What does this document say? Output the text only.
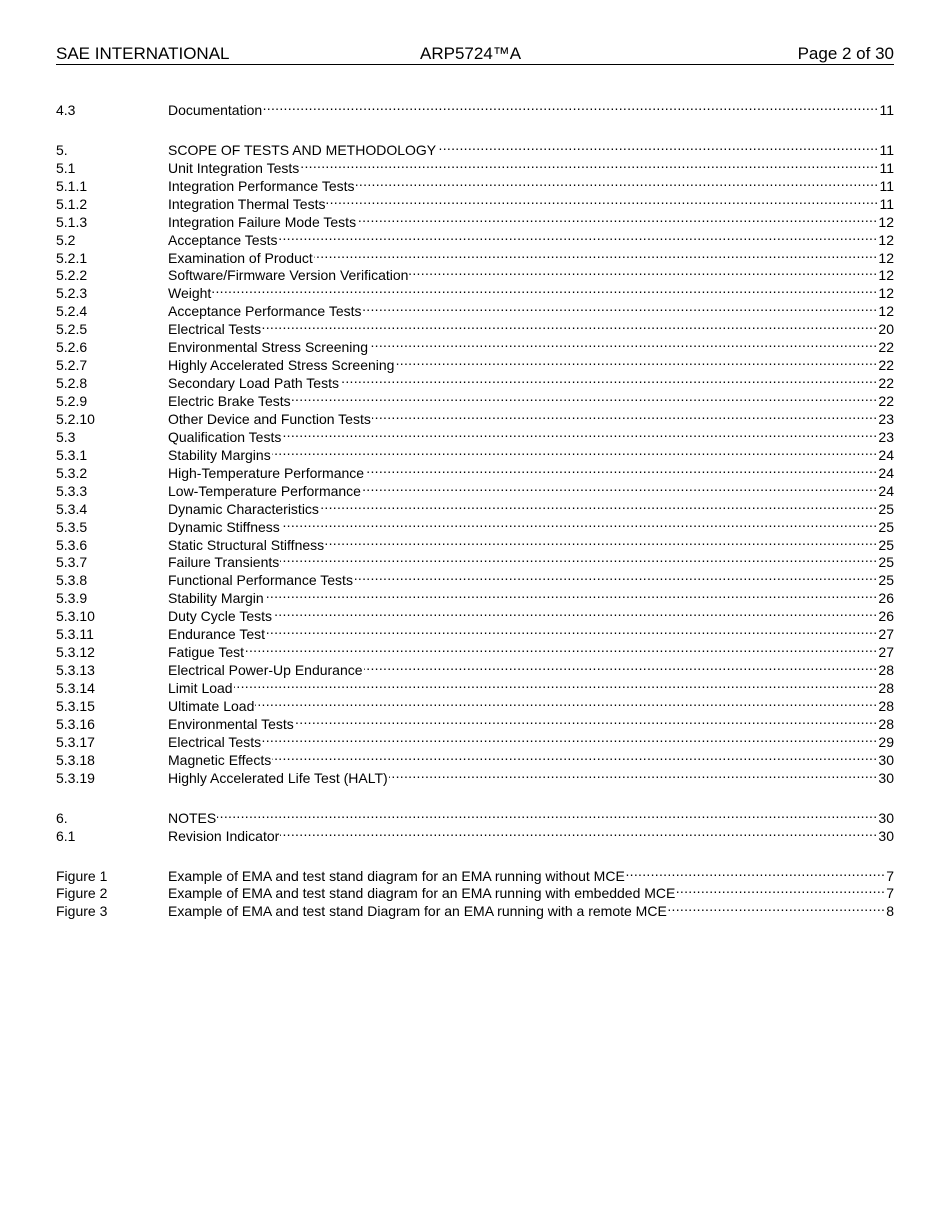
SAE INTERNATIONAL	ARP5724™A	Page 2 of 30
4.3	Documentation .....	11
5.	SCOPE OF TESTS AND METHODOLOGY .....	11
5.1	Unit Integration Tests .....	11
5.1.1	Integration Performance Tests .....	11
5.1.2	Integration Thermal Tests .....	11
5.1.3	Integration Failure Mode Tests .....	12
5.2	Acceptance Tests .....	12
5.2.1	Examination of Product .....	12
5.2.2	Software/Firmware Version Verification .....	12
5.2.3	Weight .....	12
5.2.4	Acceptance Performance Tests .....	12
5.2.5	Electrical Tests .....	20
5.2.6	Environmental Stress Screening .....	22
5.2.7	Highly Accelerated Stress Screening .....	22
5.2.8	Secondary Load Path Tests .....	22
5.2.9	Electric Brake Tests .....	22
5.2.10	Other Device and Function Tests .....	23
5.3	Qualification Tests .....	23
5.3.1	Stability Margins .....	24
5.3.2	High-Temperature Performance .....	24
5.3.3	Low-Temperature Performance .....	24
5.3.4	Dynamic Characteristics .....	25
5.3.5	Dynamic Stiffness .....	25
5.3.6	Static Structural Stiffness .....	25
5.3.7	Failure Transients .....	25
5.3.8	Functional Performance Tests .....	25
5.3.9	Stability Margin .....	26
5.3.10	Duty Cycle Tests .....	26
5.3.11	Endurance Test .....	27
5.3.12	Fatigue Test .....	27
5.3.13	Electrical Power-Up Endurance .....	28
5.3.14	Limit Load .....	28
5.3.15	Ultimate Load .....	28
5.3.16	Environmental Tests .....	28
5.3.17	Electrical Tests .....	29
5.3.18	Magnetic Effects .....	30
5.3.19	Highly Accelerated Life Test (HALT) .....	30
6.	NOTES .....	30
6.1	Revision Indicator .....	30
Figure 1	Example of EMA and test stand diagram for an EMA running without MCE .....	7
Figure 2	Example of EMA and test stand diagram for an EMA running with embedded MCE .....	7
Figure 3	Example of EMA and test stand Diagram for an EMA running with a remote MCE .....	8
